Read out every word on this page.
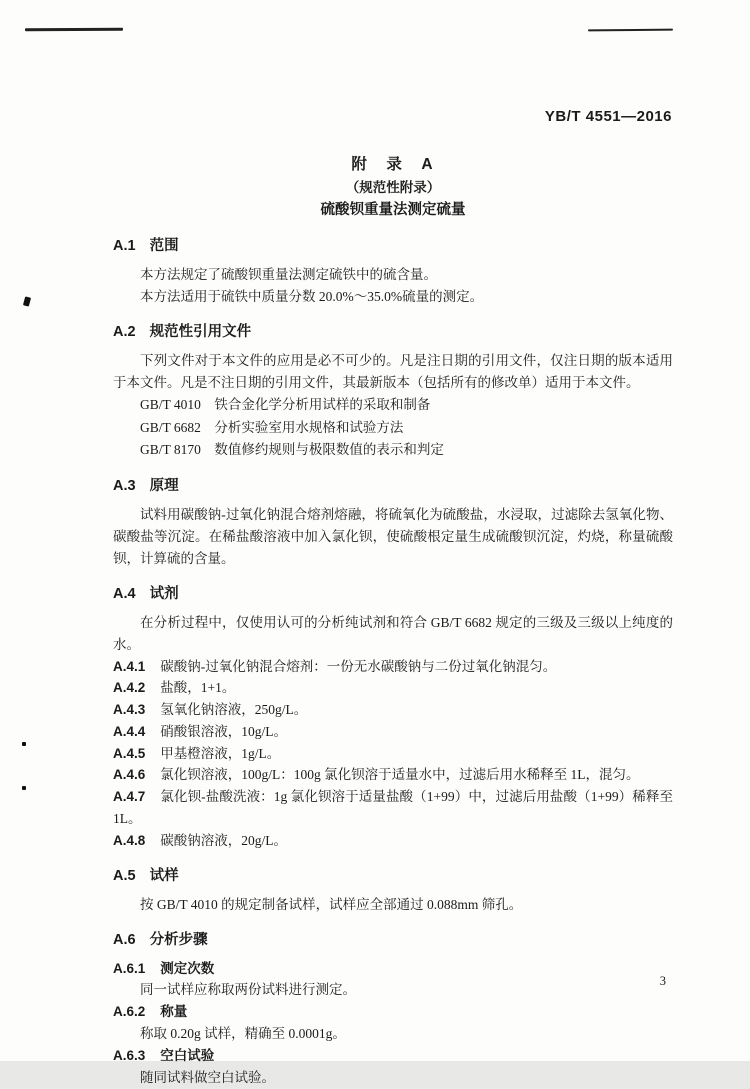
YB/T 4551—2016
附　录　A
（规范性附录）
硫酸钡重量法测定硫量
A.1 范围

本方法规定了硫酸钡重量法测定硫铁中的硫含量。

本方法适用于硫铁中质量分数 20.0%～35.0%硫量的测定。

A.2 规范性引用文件

下列文件对于本文件的应用是必不可少的。凡是注日期的引用文件，仅注日期的版本适用于本文件。凡是不注日期的引用文件，其最新版本（包括所有的修改单）适用于本文件。

GB/T 4010　铁合金化学分析用试样的采取和制备
GB/T 6682　分析实验室用水规格和试验方法
GB/T 8170　数值修约规则与极限数值的表示和判定
A.3 原理

试料用碳酸钠-过氧化钠混合熔剂熔融，将硫氧化为硫酸盐，水浸取，过滤除去氢氧化物、碳酸盐等沉淀。在稀盐酸溶液中加入氯化钡，使硫酸根定量生成硫酸钡沉淀，灼烧，称量硫酸钡，计算硫的含量。

A.4 试剂

在分析过程中，仅使用认可的分析纯试剂和符合 GB/T 6682 规定的三级及三级以上纯度的水。

A.4.1 碳酸钠-过氧化钠混合熔剂：一份无水碳酸钠与二份过氧化钠混匀。
A.4.2 盐酸，1+1。
A.4.3 氢氧化钠溶液，250g/L。
A.4.4 硝酸银溶液，10g/L。
A.4.5 甲基橙溶液，1g/L。
A.4.6 氯化钡溶液，100g/L：100g 氯化钡溶于适量水中，过滤后用水稀释至 1L，混匀。
A.4.7 氯化钡-盐酸洗液：1g 氯化钡溶于适量盐酸（1+99）中，过滤后用盐酸（1+99）稀释至 1L。
A.4.8 碳酸钠溶液，20g/L。
A.5 试样

按 GB/T 4010 的规定制备试样，试样应全部通过 0.088mm 筛孔。

A.6 分析步骤
A.6.1 测定次数

同一试样应称取两份试料进行测定。

A.6.2 称量

称取 0.20g 试样，精确至 0.0001g。

A.6.3 空白试验

随同试料做空白试验。

3
